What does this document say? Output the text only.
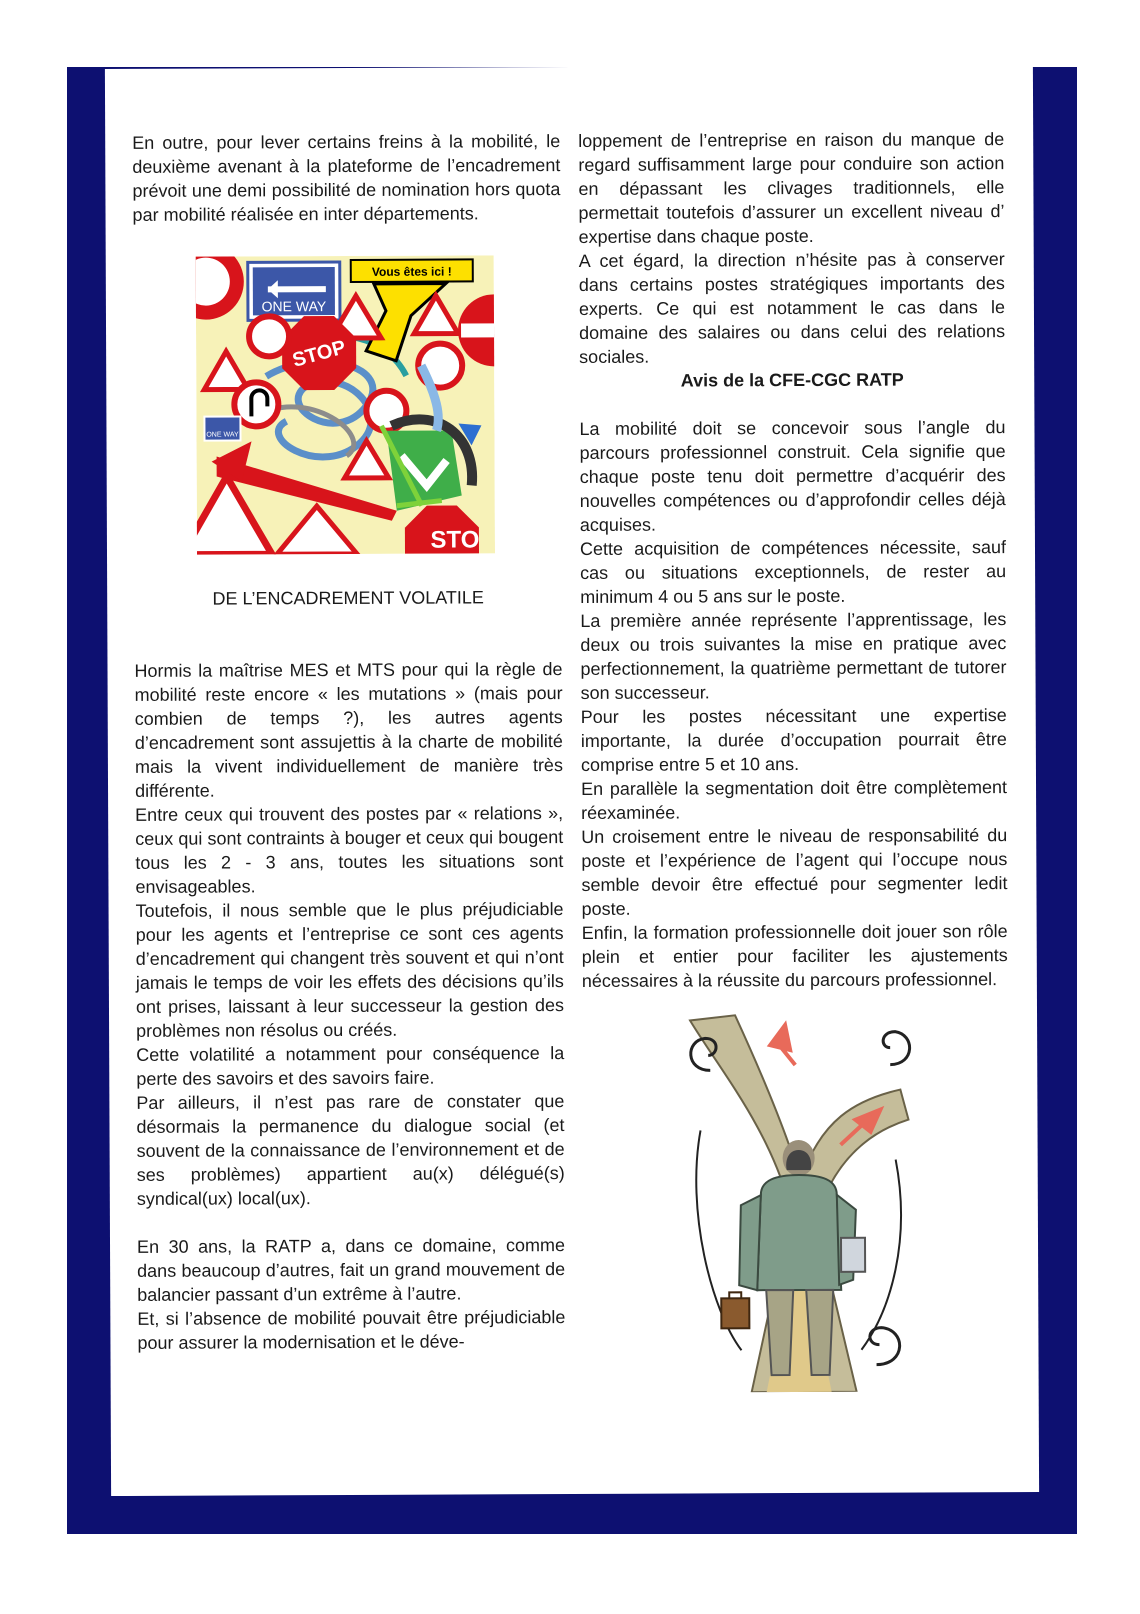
En outre, pour lever certains freins à la mobilité, le deuxième avenant à la plateforme de l’encadrement prévoit une demi possibilité de nomination hors quota par mobilité réalisée en inter départements.

ONE WAY
Vous êtes ici !
STOP
ONE WAY
STO

DE L’ENCADREMENT VOLATILE

Hormis la maîtrise MES et MTS pour qui la règle de mobilité reste encore « les mutations » (mais pour combien de temps ?), les autres agents d’encadrement sont assujettis à la charte de mobilité mais la vivent individuellement de manière très différente.

Entre ceux qui trouvent des postes par « relations », ceux qui sont contraints à bouger et ceux qui bougent tous les 2 - 3 ans, toutes les situations sont envisageables.

Toutefois, il nous semble que le plus préjudiciable pour les agents et l’entreprise ce sont ces agents d’encadrement qui changent très souvent et qui n’ont jamais le temps de voir les effets des décisions qu’ils ont prises, laissant à leur successeur la gestion des problèmes non résolus ou créés.

Cette volatilité a notamment pour conséquence la perte des savoirs et des savoirs faire.

Par ailleurs, il n’est pas rare de constater que désormais la permanence du dialogue social (et souvent de la connaissance de l’environnement et de ses problèmes) appartient au(x) délégué(s) syndical(ux) local(ux).

En 30 ans, la RATP a, dans ce domaine, comme dans beaucoup d’autres, fait un grand mouvement de balancier passant d’un extrême à l’autre.

Et, si l’absence de mobilité pouvait être préjudiciable pour assurer la modernisation et le déve-

loppement de l’entreprise en raison du manque de regard suffisamment large pour conduire son action en dépassant les clivages traditionnels, elle permettait toutefois d’assurer un excellent niveau d’ expertise dans chaque poste.

A cet égard, la direction n’hésite pas à conserver dans certains postes stratégiques importants des experts. Ce qui est notamment le cas dans le domaine des salaires ou dans celui des relations sociales.

Avis de la CFE-CGC RATP

La mobilité doit se concevoir sous l’angle du parcours professionnel construit. Cela signifie que chaque poste tenu doit permettre d’acquérir des nouvelles compétences ou d’approfondir celles déjà acquises.

Cette acquisition de compétences nécessite, sauf cas ou situations exceptionnels, de rester au minimum 4 ou 5 ans sur le poste.

La première année représente l’apprentissage, les deux ou trois suivantes la mise en pratique avec perfectionnement, la quatrième permettant de tutorer son successeur.

Pour les postes nécessitant une expertise importante, la durée d’occupation pourrait être comprise entre 5 et 10 ans.

En parallèle la segmentation doit être complètement réexaminée.

Un croisement entre le niveau de responsabilité du poste et l’expérience de l’agent qui l’occupe nous semble devoir être effectué pour segmenter ledit poste.

Enfin, la formation professionnelle doit jouer son rôle plein et entier pour faciliter les ajustements nécessaires à la réussite du parcours professionnel.
